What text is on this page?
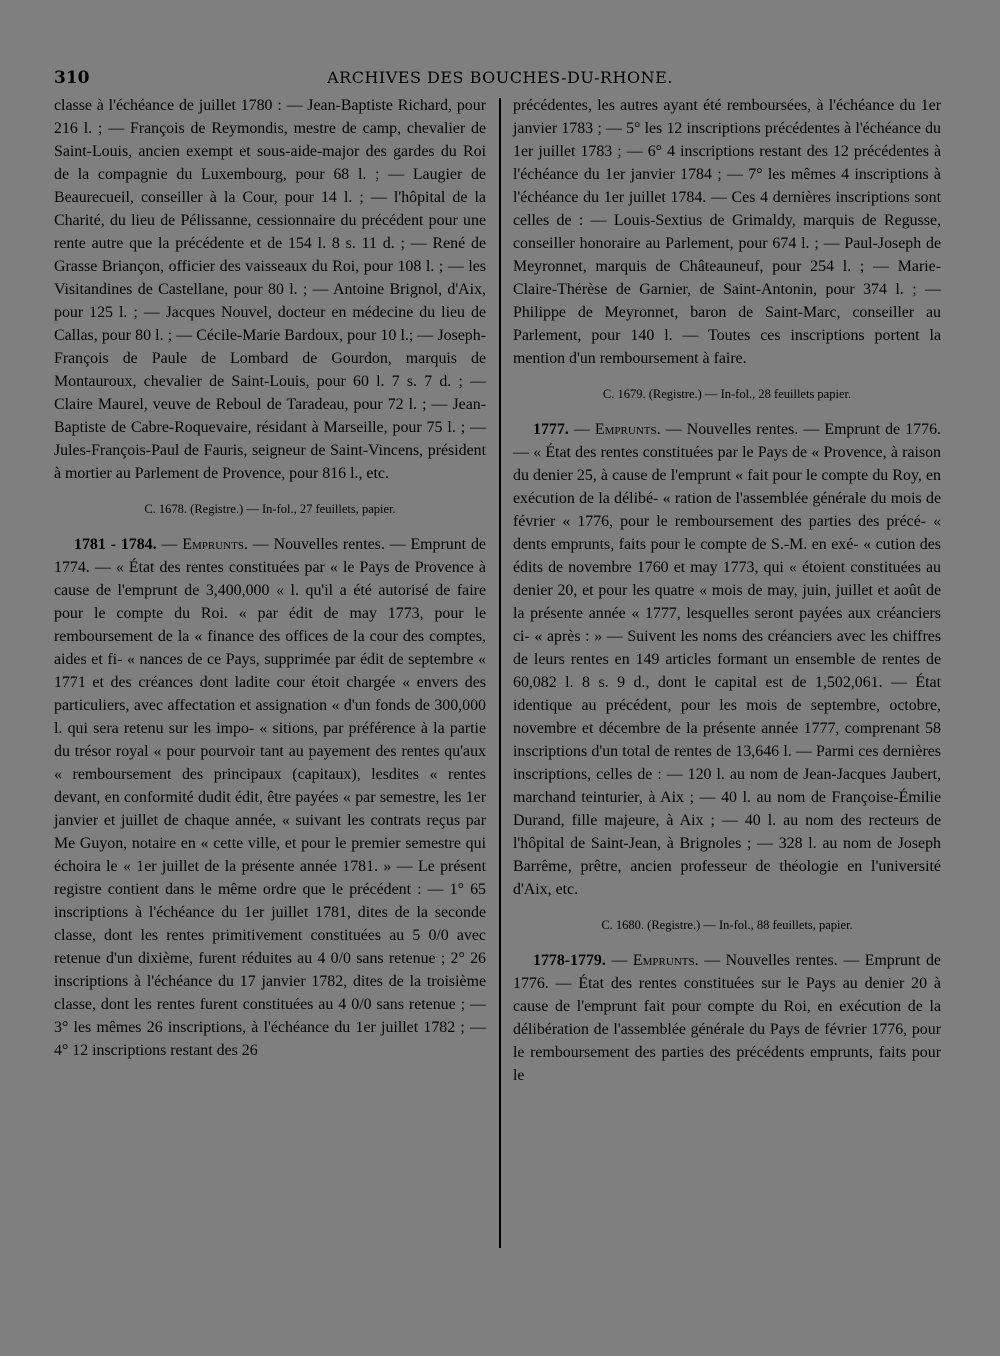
310	ARCHIVES DES BOUCHES-DU-RHONE.

classe à l'échéance de juillet 1780 : — Jean-Baptiste Richard, pour 216 l. ; — François de Reymondis, mestre de camp, chevalier de Saint-Louis, ancien exempt et sous-aide-major des gardes du Roi de la compagnie du Luxembourg, pour 68 l. ; — Laugier de Beaurecueil, conseiller à la Cour, pour 14 l. ; — l'hôpital de la Charité, du lieu de Pélissanne, cessionnaire du précédent pour une rente autre que la précédente et de 154 l. 8 s. 11 d. ; — René de Grasse Briançon, officier des vaisseaux du Roi, pour 108 l. ; — les Visitandines de Castellane, pour 80 l. ; — Antoine Brignol, d'Aix, pour 125 l. ; — Jacques Nouvel, docteur en médecine du lieu de Callas, pour 80 l. ; — Cécile-Marie Bardoux, pour 10 l.; — Joseph-François de Paule de Lombard de Gourdon, marquis de Montauroux, chevalier de Saint-Louis, pour 60 l. 7 s. 7 d. ; — Claire Maurel, veuve de Reboul de Taradeau, pour 72 l. ; — Jean-Baptiste de Cabre-Roquevaire, résidant à Marseille, pour 75 l. ; — Jules-François-Paul de Fauris, seigneur de Saint-Vincens, président à mortier au Parlement de Provence, pour 816 l., etc.

C. 1678. (Registre.) — In-fol., 27 feuillets, papier.

1781 - 1784. — Emprunts. — Nouvelles rentes. — Emprunt de 1774. — « État des rentes constituées par « le Pays de Provence à cause de l'emprunt de 3,400,000 « l. qu'il a été autorisé de faire pour le compte du Roi. « par édit de may 1773, pour le remboursement de la « finance des offices de la cour des comptes, aides et fi- « nances de ce Pays, supprimée par édit de septembre « 1771 et des créances dont ladite cour étoit chargée « envers des particuliers, avec affectation et assignation « d'un fonds de 300,000 l. qui sera retenu sur les impo- « sitions, par préférence à la partie du trésor royal « pour pourvoir tant au payement des rentes qu'aux « remboursement des principaux (capitaux), lesdites « rentes devant, en conformité dudit édit, être payées « par semestre, les 1er janvier et juillet de chaque année, « suivant les contrats reçus par Me Guyon, notaire en « cette ville, et pour le premier semestre qui échoira le « 1er juillet de la présente année 1781. » — Le présent registre contient dans le même ordre que le précédent : — 1° 65 inscriptions à l'échéance du 1er juillet 1781, dites de la seconde classe, dont les rentes primitivement constituées au 5 0/0 avec retenue d'un dixième, furent réduites au 4 0/0 sans retenue ; 2° 26 inscriptions à l'échéance du 17 janvier 1782, dites de la troisième classe, dont les rentes furent constituées au 4 0/0 sans retenue ; — 3° les mêmes 26 inscriptions, à l'échéance du 1er juillet 1782 ; — 4° 12 inscriptions restant des 26

précédentes, les autres ayant été remboursées, à l'échéance du 1er janvier 1783 ; — 5° les 12 inscriptions précédentes à l'échéance du 1er juillet 1783 ; — 6° 4 inscriptions restant des 12 précédentes à l'échéance du 1er janvier 1784 ; — 7° les mêmes 4 inscriptions à l'échéance du 1er juillet 1784. — Ces 4 dernières inscriptions sont celles de : — Louis-Sextius de Grimaldy, marquis de Regusse, conseiller honoraire au Parlement, pour 674 l. ; — Paul-Joseph de Meyronnet, marquis de Châteauneuf, pour 254 l. ; — Marie-Claire-Thérèse de Garnier, de Saint-Antonin, pour 374 l. ; — Philippe de Meyronnet, baron de Saint-Marc, conseiller au Parlement, pour 140 l. — Toutes ces inscriptions portent la mention d'un remboursement à faire.

C. 1679. (Registre.) — In-fol., 28 feuillets papier.

1777. — Emprunts. — Nouvelles rentes. — Emprunt de 1776. — « État des rentes constituées par le Pays de « Provence, à raison du denier 25, à cause de l'emprunt « fait pour le compte du Roy, en exécution de la délibé- « ration de l'assemblée générale du mois de février « 1776, pour le remboursement des parties des précé- « dents emprunts, faits pour le compte de S.-M. en exé- « cution des édits de novembre 1760 et may 1773, qui « étoient constituées au denier 20, et pour les quatre « mois de may, juin, juillet et août de la présente année « 1777, lesquelles seront payées aux créanciers ci- « après : » — Suivent les noms des créanciers avec les chiffres de leurs rentes en 149 articles formant un ensemble de rentes de 60,082 l. 8 s. 9 d., dont le capital est de 1,502,061. — État identique au précédent, pour les mois de septembre, octobre, novembre et décembre de la présente année 1777, comprenant 58 inscriptions d'un total de rentes de 13,646 l. — Parmi ces dernières inscriptions, celles de : — 120 l. au nom de Jean-Jacques Jaubert, marchand teinturier, à Aix ; — 40 l. au nom de Françoise-Émilie Durand, fille majeure, à Aix ; — 40 l. au nom des recteurs de l'hôpital de Saint-Jean, à Brignoles ; — 328 l. au nom de Joseph Barrême, prêtre, ancien professeur de théologie en l'université d'Aix, etc.

C. 1680. (Registre.) — In-fol., 88 feuillets, papier.

1778-1779. — Emprunts. — Nouvelles rentes. — Emprunt de 1776. — État des rentes constituées sur le Pays au denier 20 à cause de l'emprunt fait pour compte du Roi, en exécution de la délibération de l'assemblée générale du Pays de février 1776, pour le remboursement des parties des précédents emprunts, faits pour le
